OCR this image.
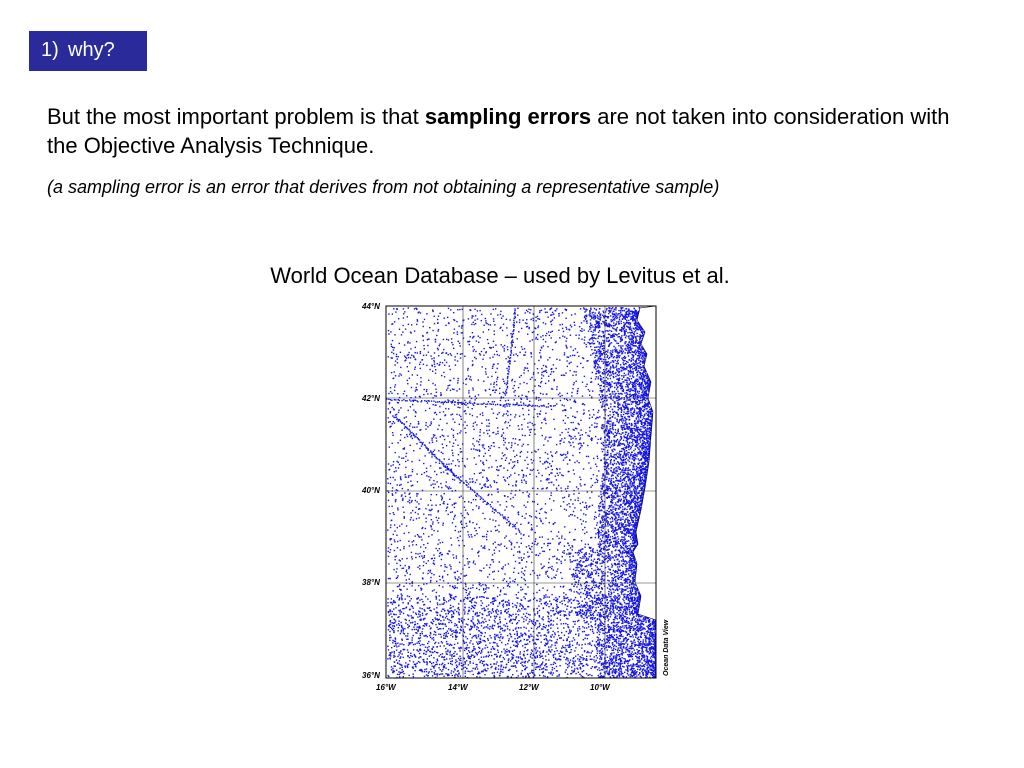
1) why?
But the most important problem is that sampling errors are not taken into consideration with the Objective Analysis Technique.
(a sampling error is an error that derives from not obtaining a representative sample)
World Ocean Database – used by Levitus et al.
44°N
42°N
40°N
38°N
36°N
16°W	14°W	12°W	10°W
Ocean Data View
